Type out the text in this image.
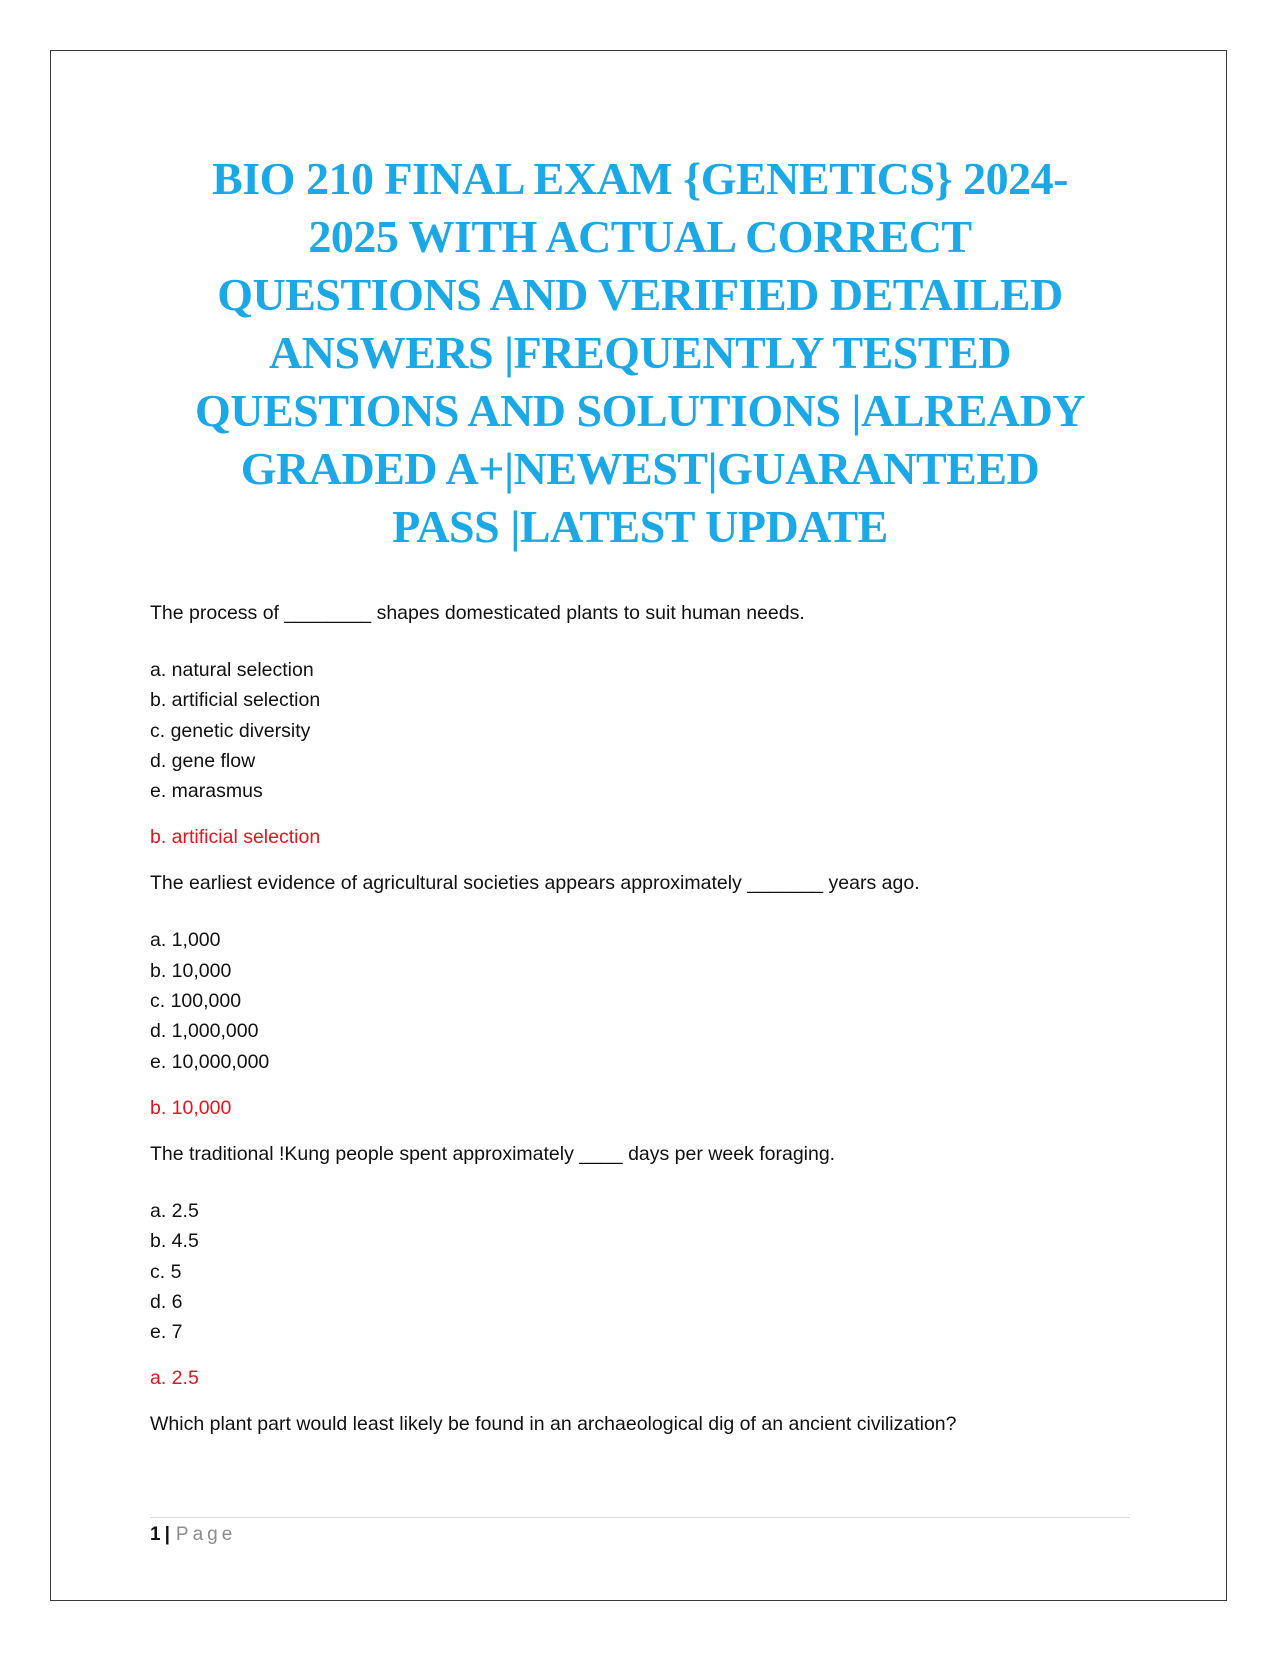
BIO 210 FINAL EXAM {GENETICS} 2024-
2025 WITH ACTUAL CORRECT
QUESTIONS AND VERIFIED DETAILED
ANSWERS |FREQUENTLY TESTED
QUESTIONS AND SOLUTIONS |ALREADY
GRADED A+|NEWEST|GUARANTEED
PASS |LATEST UPDATE

The process of ________ shapes domesticated plants to suit human needs.

a. natural selection
b. artificial selection
c. genetic diversity
d. gene flow
e. marasmus
b. artificial selection

The earliest evidence of agricultural societies appears approximately _______ years ago.

a. 1,000
b. 10,000
c. 100,000
d. 1,000,000
e. 10,000,000
b. 10,000

The traditional !Kung people spent approximately ____ days per week foraging.

a. 2.5
b. 4.5
c. 5
d. 6
e. 7
a. 2.5

Which plant part would least likely be found in an archaeological dig of an ancient civilization?

1 | Page
